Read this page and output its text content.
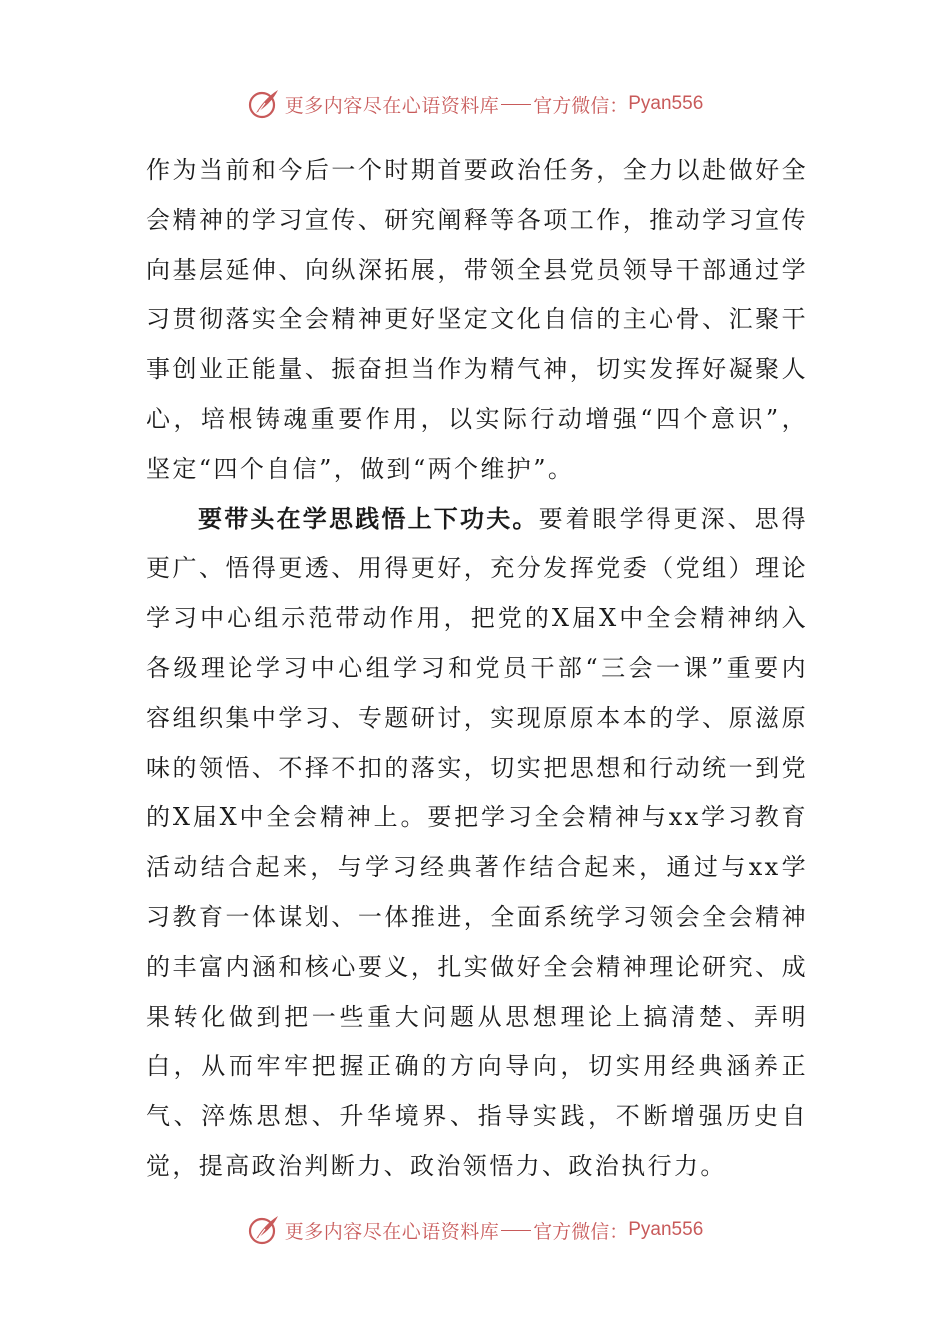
更多内容尽在心语资料库 官方微信： Pyan556

作为当前和今后一个时期首要政治任务，全力以赴做好全会精神的学习宣传、研究阐释等各项工作，推动学习宣传向基层延伸、向纵深拓展，带领全县党员领导干部通过学习贯彻落实全会精神更好坚定文化自信的主心骨、汇聚干事创业正能量、振奋担当作为精气神，切实发挥好凝聚人心，培根铸魂重要作用，以实际行动增强“四个意识”，坚定“四个自信”，做到“两个维护”。

要带头在学思践悟上下功夫。要着眼学得更深、思得更广、悟得更透、用得更好，充分发挥党委（党组）理论学习中心组示范带动作用，把党的X届X中全会精神纳入各级理论学习中心组学习和党员干部“三会一课”重要内容组织集中学习、专题研讨，实现原原本本的学、原滋原味的领悟、不择不扣的落实，切实把思想和行动统一到党的X届X中全会精神上。要把学习全会精神与xx学习教育活动结合起来，与学习经典著作结合起来，通过与xx学习教育一体谋划、一体推进，全面系统学习领会全会精神的丰富内涵和核心要义，扎实做好全会精神理论研究、成果转化做到把一些重大问题从思想理论上搞清楚、弄明白，从而牢牢把握正确的方向导向，切实用经典涵养正气、淬炼思想、升华境界、指导实践，不断增强历史自觉，提高政治判断力、政治领悟力、政治执行力。

更多内容尽在心语资料库 官方微信： Pyan556
